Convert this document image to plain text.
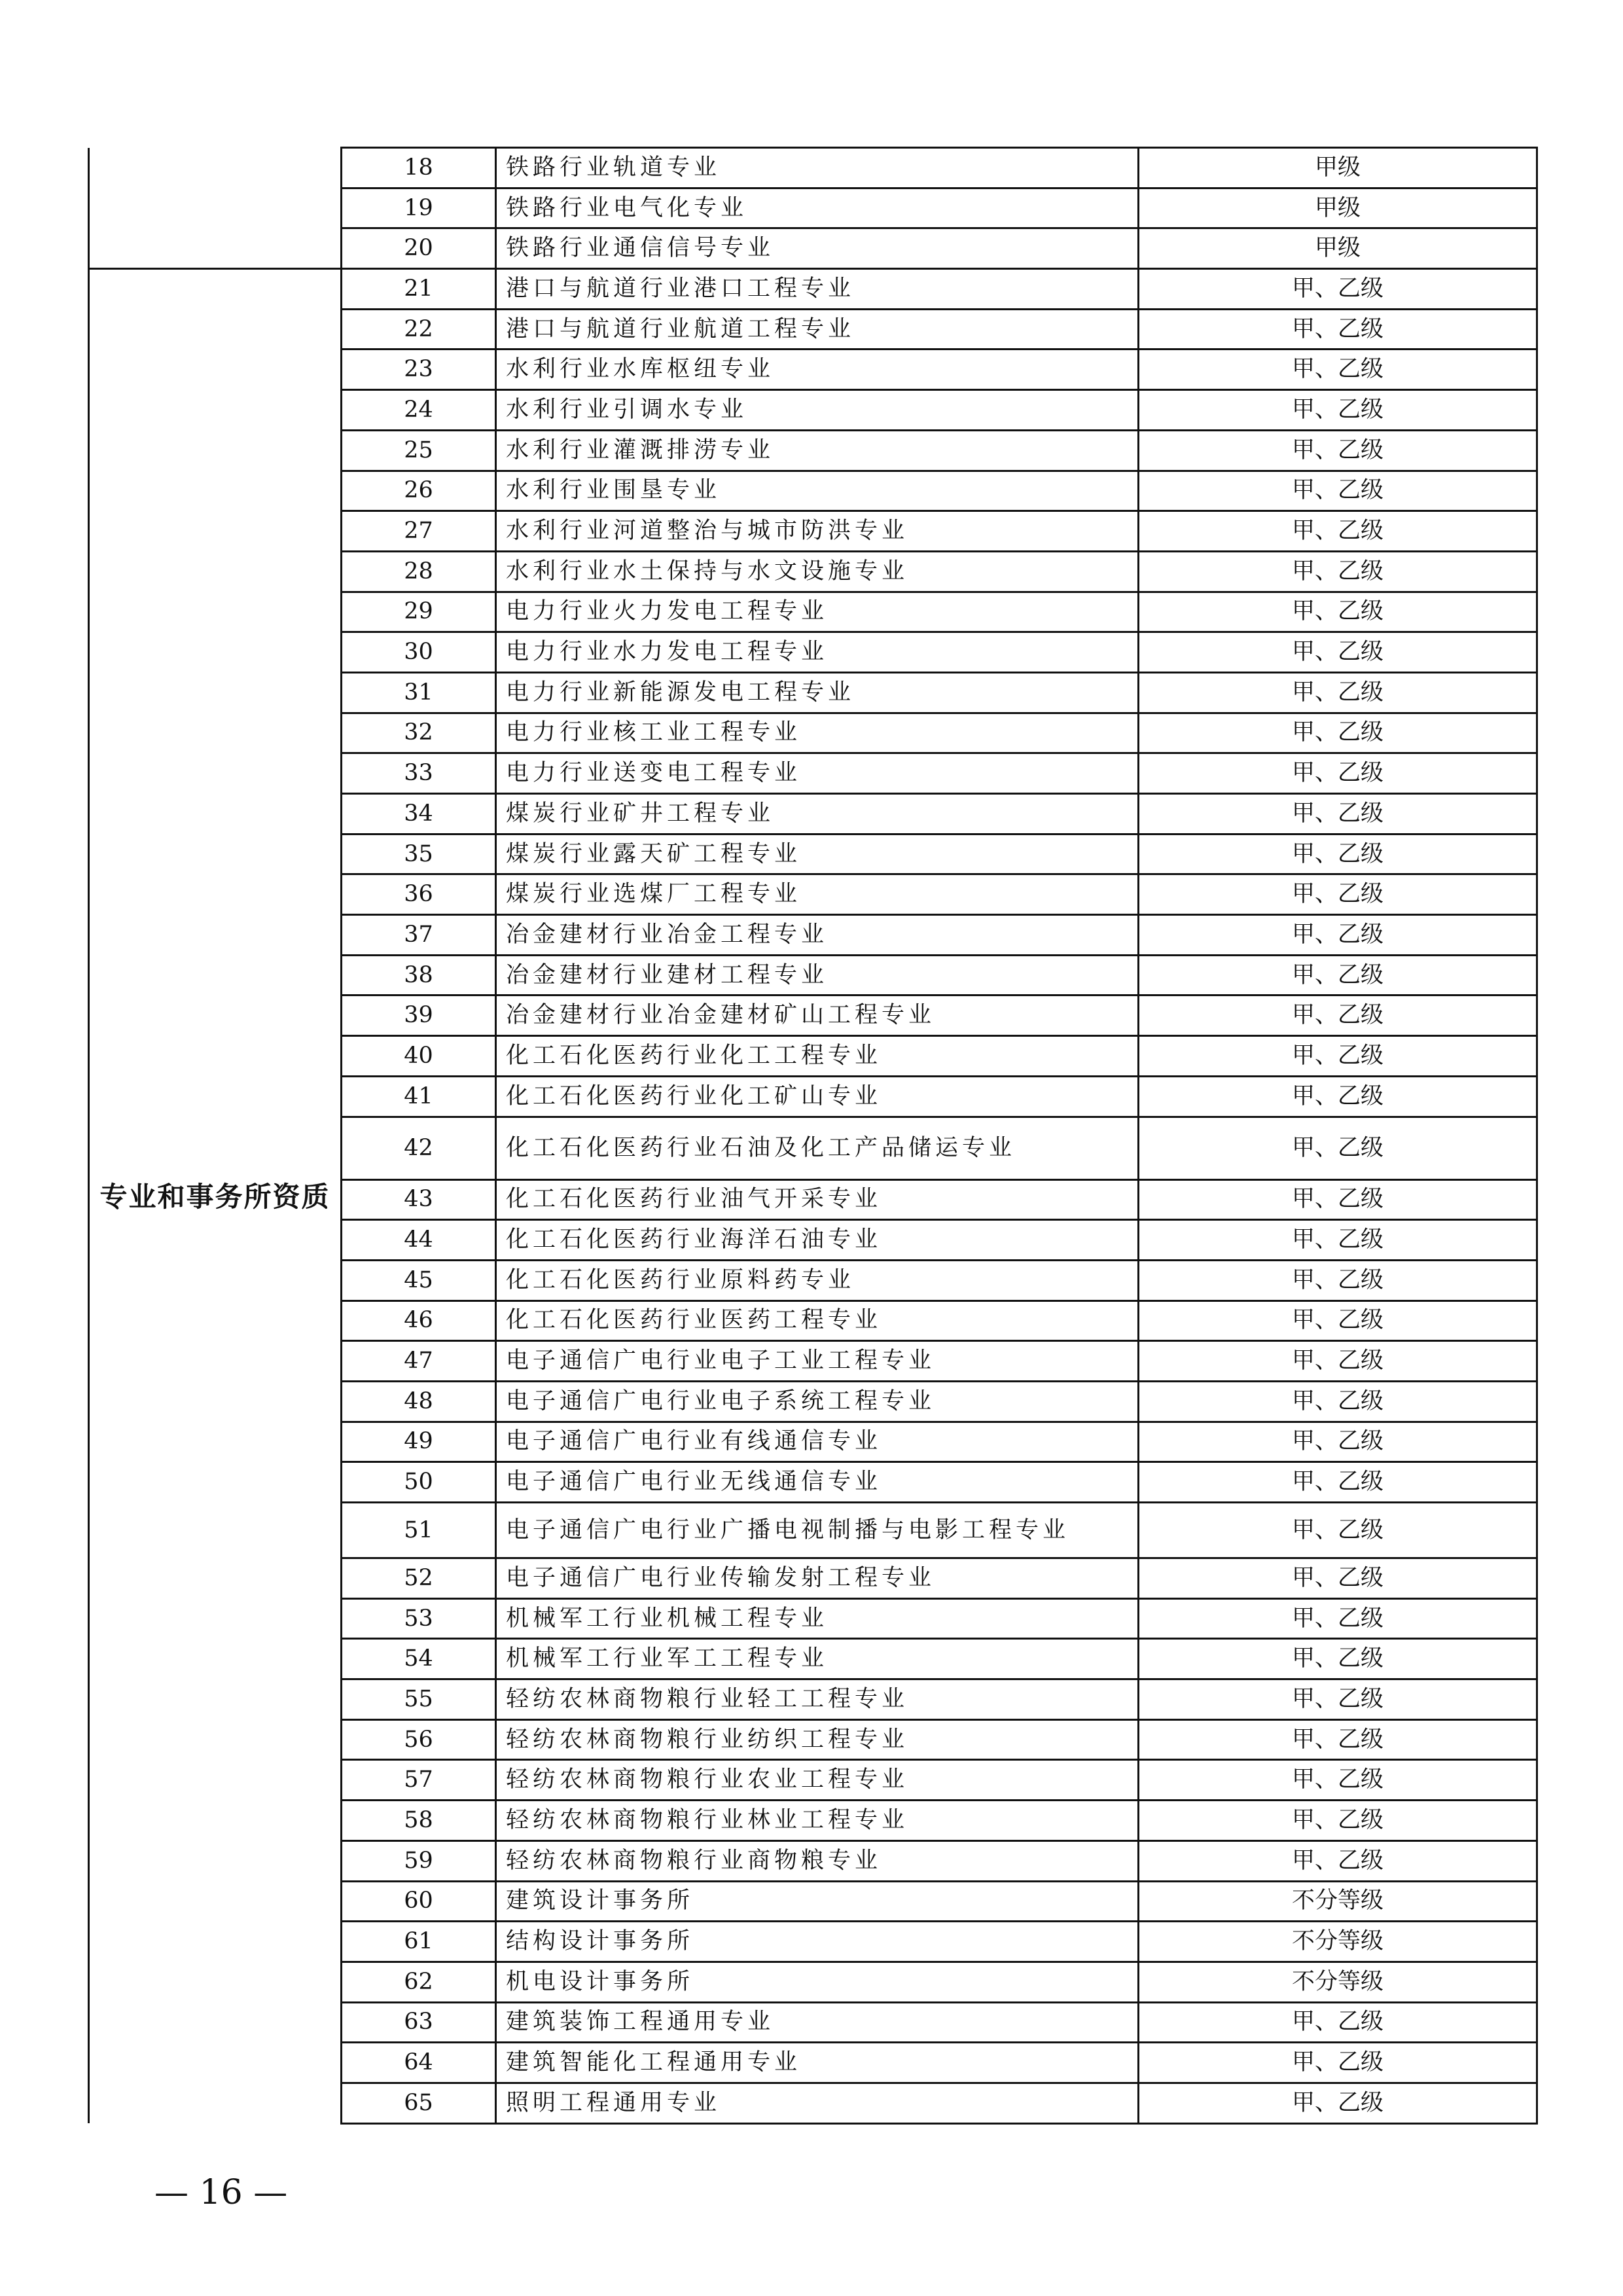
	18	铁路行业轨道专业	甲级
	19	铁路行业电气化专业	甲级
	20	铁路行业通信信号专业	甲级
专业和事务所资质	21	港口与航道行业港口工程专业	甲、乙级
	22	港口与航道行业航道工程专业	甲、乙级
	23	水利行业水库枢纽专业	甲、乙级
	24	水利行业引调水专业	甲、乙级
	25	水利行业灌溉排涝专业	甲、乙级
	26	水利行业围垦专业	甲、乙级
	27	水利行业河道整治与城市防洪专业	甲、乙级
	28	水利行业水土保持与水文设施专业	甲、乙级
	29	电力行业火力发电工程专业	甲、乙级
	30	电力行业水力发电工程专业	甲、乙级
	31	电力行业新能源发电工程专业	甲、乙级
	32	电力行业核工业工程专业	甲、乙级
	33	电力行业送变电工程专业	甲、乙级
	34	煤炭行业矿井工程专业	甲、乙级
	35	煤炭行业露天矿工程专业	甲、乙级
	36	煤炭行业选煤厂工程专业	甲、乙级
	37	冶金建材行业冶金工程专业	甲、乙级
	38	冶金建材行业建材工程专业	甲、乙级
	39	冶金建材行业冶金建材矿山工程专业	甲、乙级
	40	化工石化医药行业化工工程专业	甲、乙级
	41	化工石化医药行业化工矿山专业	甲、乙级
	42	化工石化医药行业石油及化工产品储运专业	甲、乙级
	43	化工石化医药行业油气开采专业	甲、乙级
	44	化工石化医药行业海洋石油专业	甲、乙级
	45	化工石化医药行业原料药专业	甲、乙级
	46	化工石化医药行业医药工程专业	甲、乙级
	47	电子通信广电行业电子工业工程专业	甲、乙级
	48	电子通信广电行业电子系统工程专业	甲、乙级
	49	电子通信广电行业有线通信专业	甲、乙级
	50	电子通信广电行业无线通信专业	甲、乙级
	51	电子通信广电行业广播电视制播与电影工程专业	甲、乙级
	52	电子通信广电行业传输发射工程专业	甲、乙级
	53	机械军工行业机械工程专业	甲、乙级
	54	机械军工行业军工工程专业	甲、乙级
	55	轻纺农林商物粮行业轻工工程专业	甲、乙级
	56	轻纺农林商物粮行业纺织工程专业	甲、乙级
	57	轻纺农林商物粮行业农业工程专业	甲、乙级
	58	轻纺农林商物粮行业林业工程专业	甲、乙级
	59	轻纺农林商物粮行业商物粮专业	甲、乙级
	60	建筑设计事务所	不分等级
	61	结构设计事务所	不分等级
	62	机电设计事务所	不分等级
	63	建筑装饰工程通用专业	甲、乙级
	64	建筑智能化工程通用专业	甲、乙级
	65	照明工程通用专业	甲、乙级
— 16 —
